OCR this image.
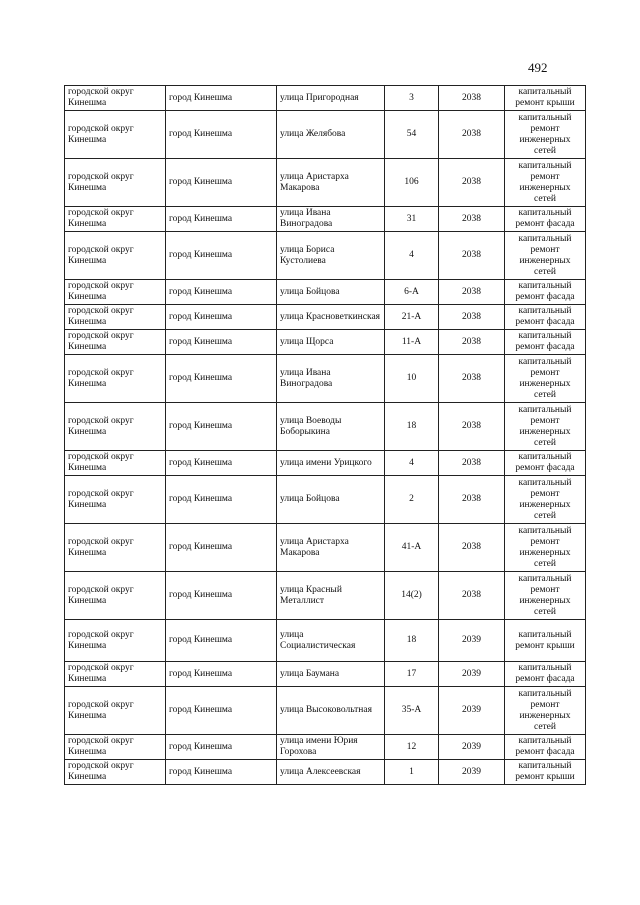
492
городской округ Кинешма	город Кинешма	улица Пригородная	3	2038	капитальный ремонт крыши
городской округ Кинешма	город Кинешма	улица Желябова	54	2038	капитальный ремонт инженерных сетей
городской округ Кинешма	город Кинешма	улица Аристарха Макарова	106	2038	капитальный ремонт инженерных сетей
городской округ Кинешма	город Кинешма	улица Ивана Виноградова	31	2038	капитальный ремонт фасада
городской округ Кинешма	город Кинешма	улица Бориса Кустолиева	4	2038	капитальный ремонт инженерных сетей
городской округ Кинешма	город Кинешма	улица Бойцова	6-А	2038	капитальный ремонт фасада
городской округ Кинешма	город Кинешма	улица Красноветкинская	21-А	2038	капитальный ремонт фасада
городской округ Кинешма	город Кинешма	улица Щорса	11-А	2038	капитальный ремонт фасада
городской округ Кинешма	город Кинешма	улица Ивана Виноградова	10	2038	капитальный ремонт инженерных сетей
городской округ Кинешма	город Кинешма	улица Воеводы Боборыкина	18	2038	капитальный ремонт инженерных сетей
городской округ Кинешма	город Кинешма	улица имени Урицкого	4	2038	капитальный ремонт фасада
городской округ Кинешма	город Кинешма	улица Бойцова	2	2038	капитальный ремонт инженерных сетей
городской округ Кинешма	город Кинешма	улица Аристарха Макарова	41-А	2038	капитальный ремонт инженерных сетей
городской округ Кинешма	город Кинешма	улица Красный Металлист	14(2)	2038	капитальный ремонт инженерных сетей
городской округ Кинешма	город Кинешма	улица Социалистическая	18	2039	капитальный ремонт крыши
городской округ Кинешма	город Кинешма	улица Баумана	17	2039	капитальный ремонт фасада
городской округ Кинешма	город Кинешма	улица Высоковольтная	35-А	2039	капитальный ремонт инженерных сетей
городской округ Кинешма	город Кинешма	улица имени Юрия Горохова	12	2039	капитальный ремонт фасада
городской округ Кинешма	город Кинешма	улица Алексеевская	1	2039	капитальный ремонт крыши
